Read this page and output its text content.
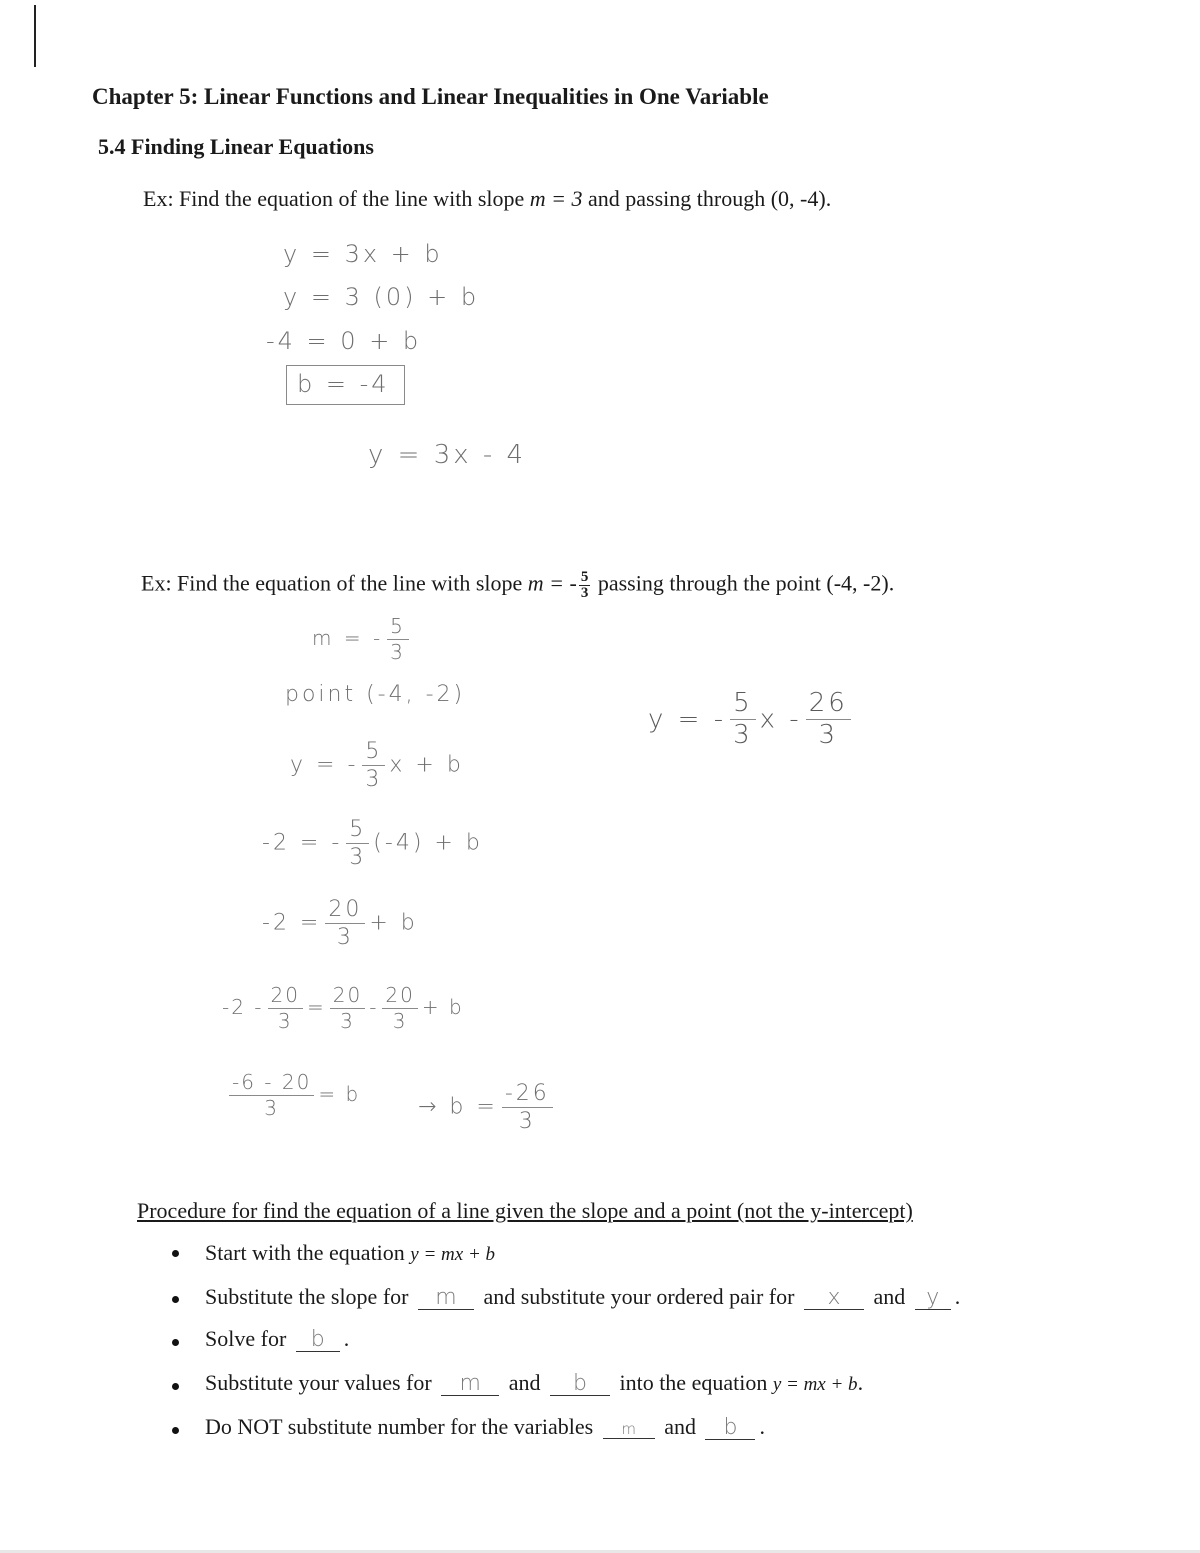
Chapter 5: Linear Functions and Linear Inequalities in One Variable
5.4 Finding Linear Equations
Ex: Find the equation of the line with slope m = 3 and passing through (0, -4).
y = 3x + b
y = 3 (0) + b
-4 = 0 + b
b = -4
y = 3x - 4
Ex: Find the equation of the line with slope m = - $\frac{5}{3}$ passing through the point (-4, -2).
m = - $\frac{5}{3}$
point (-4, -2)
y = - $\frac{5}{3}$ x + b
-2 = - $\frac{5}{3} (-4) + b$
$-2 = \frac{20}{3} + b$
$-2 - \frac{20}{3} = \frac{20}{3} - \frac{20}{3} + b$
$\frac{-6 - 20}{3} = b$
→ $b = \frac{-26}{3}$
y = - $\frac{5}{3}$ x - $\frac{26}{3}$
Procedure for find the equation of a line given the slope and a point (not the y-intercept)
Start with the equation y = mx + b
Substitute the slope for m and substitute your ordered pair for x and y .
Solve for b .
Substitute your values for m and b into the equation y = mx + b.
Do NOT substitute number for the variables m and b .
